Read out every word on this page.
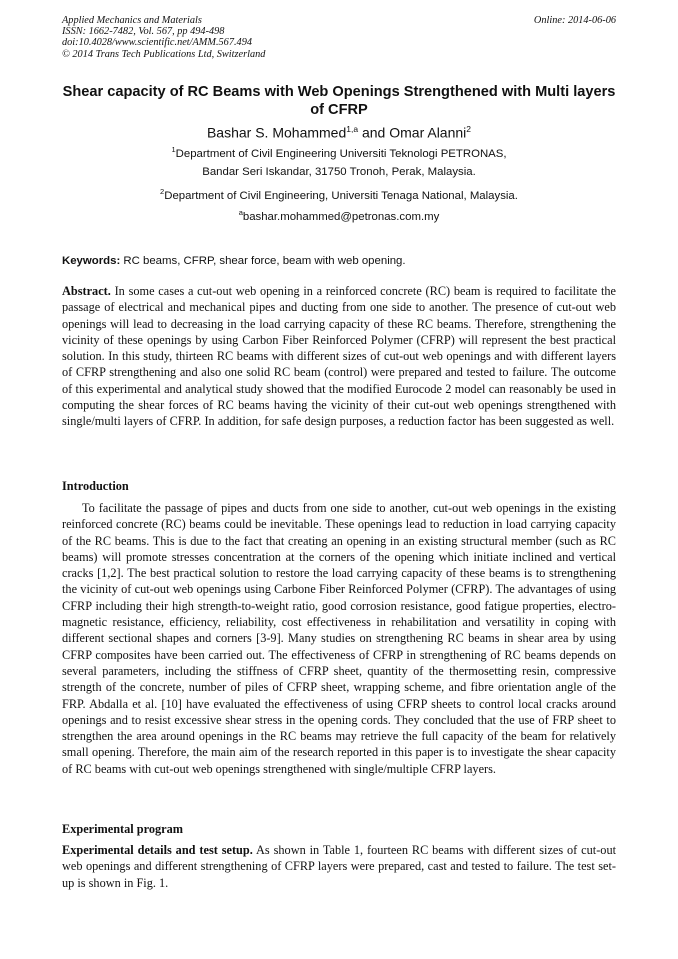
Applied Mechanics and Materials
ISSN: 1662-7482, Vol. 567, pp 494-498
doi:10.4028/www.scientific.net/AMM.567.494
© 2014 Trans Tech Publications Ltd, Switzerland
Online: 2014-06-06
Shear capacity of RC Beams with Web Openings Strengthened with Multi layers of CFRP
Bashar S. Mohammed$^{1,a}$ and Omar Alanni$^2$
$^1$Department of Civil Engineering Universiti Teknologi PETRONAS,
Bandar Seri Iskandar, 31750 Tronoh, Perak, Malaysia.
$^2$Department of Civil Engineering, Universiti Tenaga National, Malaysia.
$^a$bashar.mohammed@petronas.com.my
Keywords: RC beams, CFRP, shear force, beam with web opening.

Abstract. In some cases a cut-out web opening in a reinforced concrete (RC) beam is required to facilitate the passage of electrical and mechanical pipes and ducting from one side to another. The presence of cut-out web openings will lead to decreasing in the load carrying capacity of these RC beams. Therefore, strengthening the vicinity of these openings by using Carbon Fiber Reinforced Polymer (CFRP) will represent the best practical solution. In this study, thirteen RC beams with different sizes of cut-out web openings and with different layers of CFRP strengthening and also one solid RC beam (control) were prepared and tested to failure. The outcome of this experimental and analytical study showed that the modified Eurocode 2 model can reasonably be used in computing the shear forces of RC beams having the vicinity of their cut-out web openings strengthened with single/multi layers of CFRP. In addition, for safe design purposes, a reduction factor has been suggested as well.

Introduction

To facilitate the passage of pipes and ducts from one side to another, cut-out web openings in the existing reinforced concrete (RC) beams could be inevitable. These openings lead to reduction in load carrying capacity of the RC beams. This is due to the fact that creating an opening in an existing structural member (such as RC beams) will promote stresses concentration at the corners of the opening which initiate inclined and vertical cracks [1,2]. The best practical solution to restore the load carrying capacity of these beams is to strengthening the vicinity of cut-out web openings using Carbone Fiber Reinforced Polymer (CFRP). The advantages of using CFRP including their high strength-to-weight ratio, good corrosion resistance, good fatigue properties, electro-magnetic resistance, efficiency, reliability, cost effectiveness in rehabilitation and versatility in coping with different sectional shapes and corners [3-9]. Many studies on strengthening RC beams in shear area by using CFRP composites have been carried out. The effectiveness of CFRP in strengthening of RC beams depends on several parameters, including the stiffness of CFRP sheet, quantity of the thermosetting resin, compressive strength of the concrete, number of piles of CFRP sheet, wrapping scheme, and fibre orientation angle of the FRP. Abdalla et al. [10] have evaluated the effectiveness of using CFRP sheets to control local cracks around openings and to resist excessive shear stress in the opening cords. They concluded that the use of FRP sheet to strengthen the area around openings in the RC beams may retrieve the full capacity of the beam for relatively small opening. Therefore, the main aim of the research reported in this paper is to investigate the shear capacity of RC beams with cut-out web openings strengthened with single/multiple CFRP layers.

Experimental program

Experimental details and test setup. As shown in Table 1, fourteen RC beams with different sizes of cut-out web openings and different strengthening of CFRP layers were prepared, cast and tested to failure. The test set-up is shown in Fig. 1.
